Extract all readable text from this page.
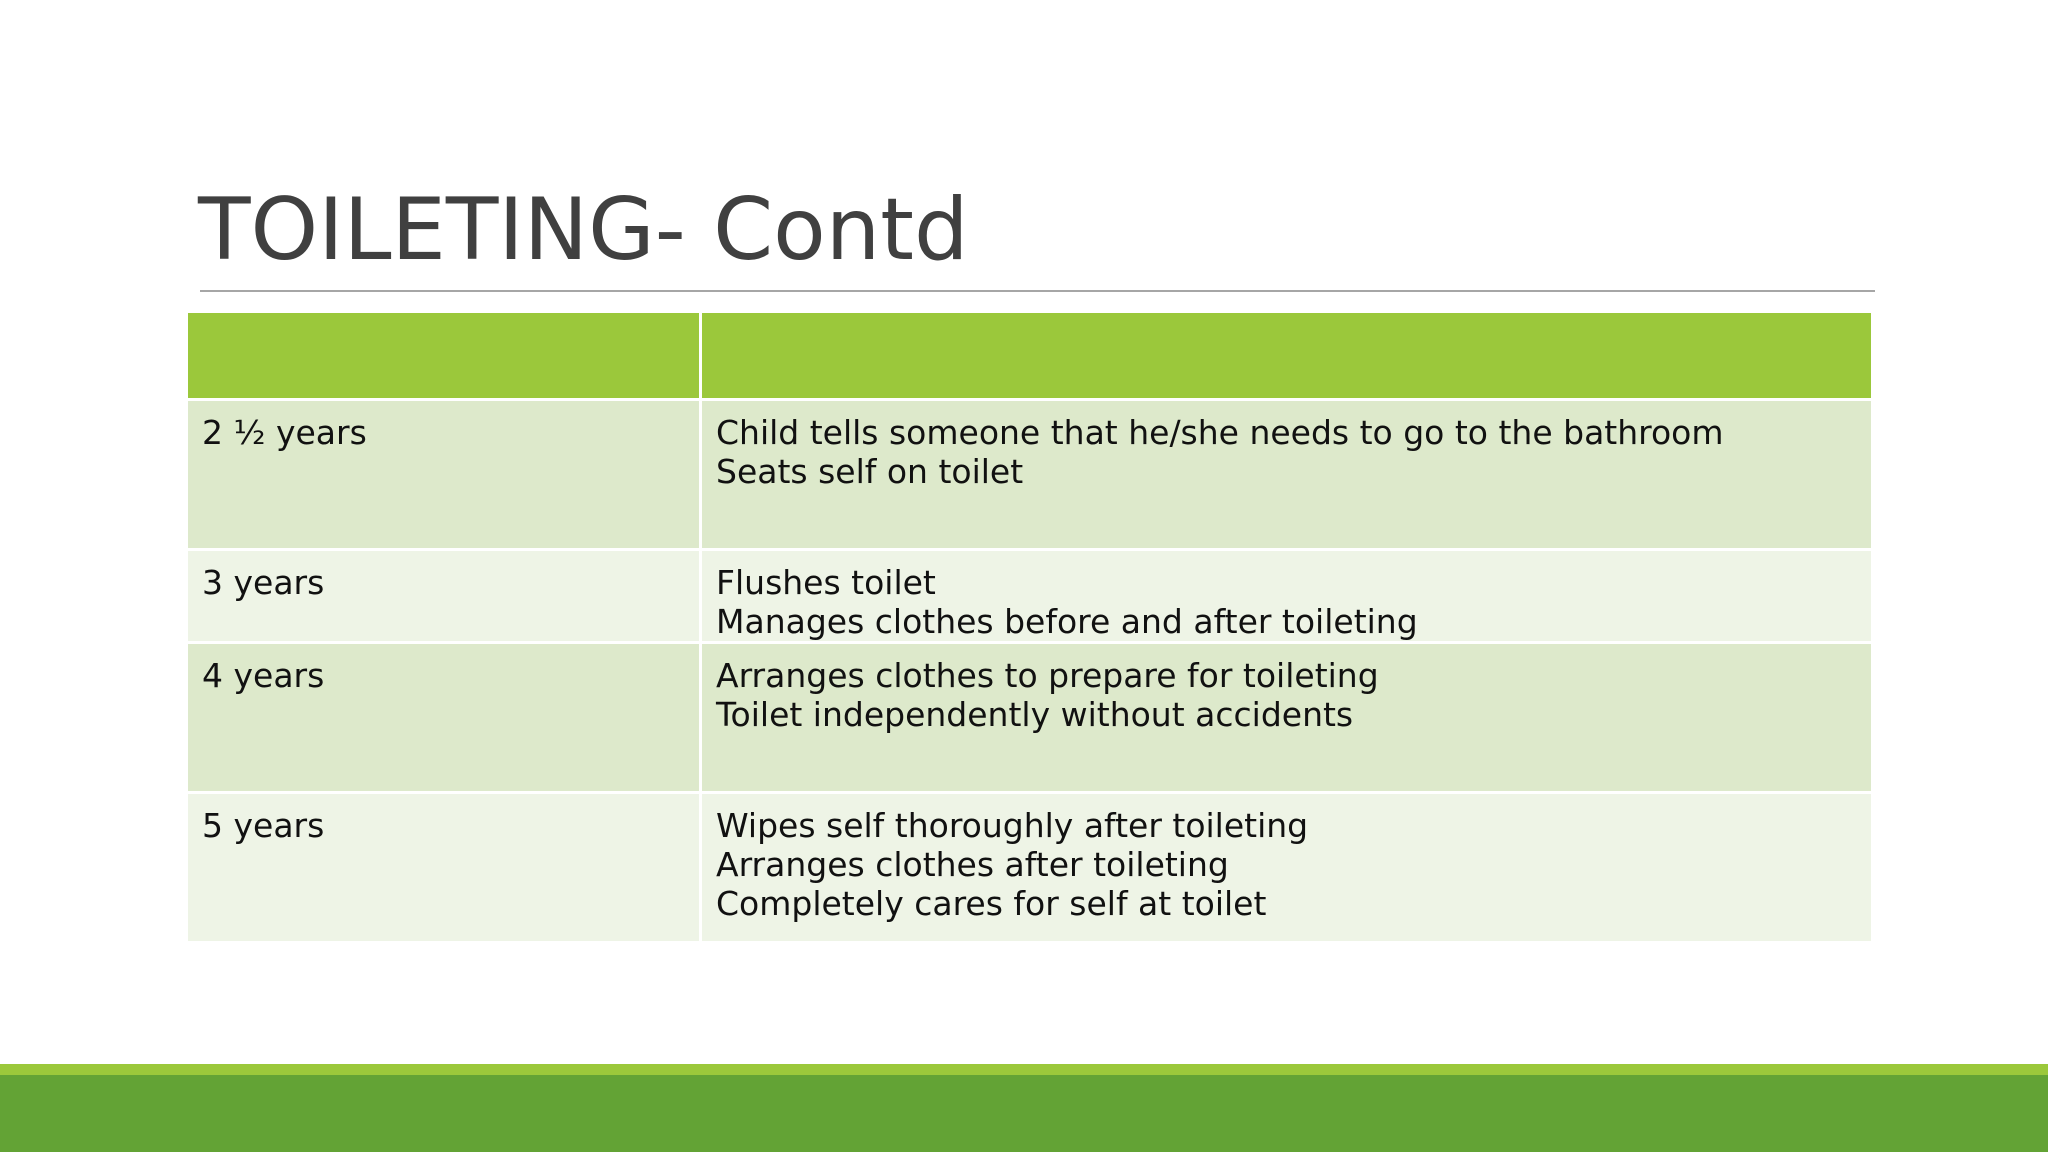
TOILETING- Contd

2 ½ years	Child tells someone that he/she needs to go to the bathroom
Seats self on toilet

3 years	Flushes toilet
Manages clothes before and after toileting

4 years	Arranges clothes to prepare for toileting
Toilet independently without accidents

5 years	Wipes self thoroughly after toileting
Arranges clothes after toileting
Completely cares for self at toilet
